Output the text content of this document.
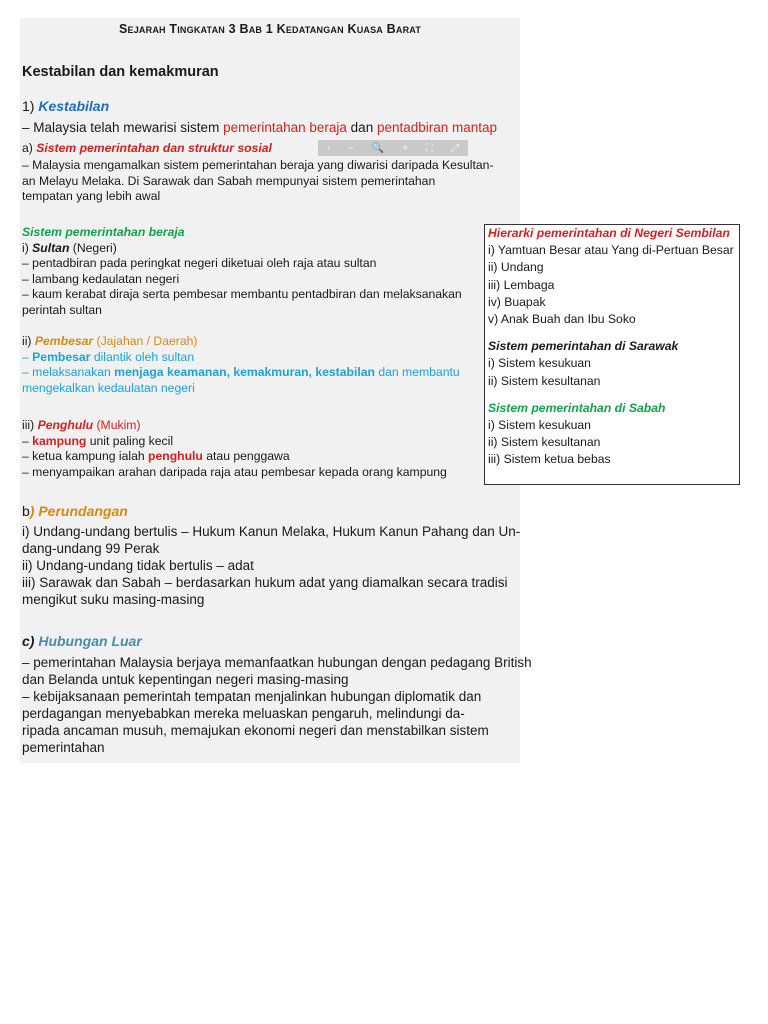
Sejarah Tingkatan 3 Bab 1 Kedatangan Kuasa Barat
Kestabilan dan kemakmuran
1) Kestabilan
– Malaysia telah mewarisi sistem pemerintahan beraja dan pentadbiran mantap
‹ – 🔍 + ⛶ ⤢
a) Sistem pemerintahan dan struktur sosial
– Malaysia mengamalkan sistem pemerintahan beraja yang diwarisi daripada Kesultan-
an Melayu Melaka. Di Sarawak dan Sabah mempunyai sistem pemerintahan
tempatan yang lebih awal
Sistem pemerintahan beraja
i) Sultan (Negeri)
– pentadbiran pada peringkat negeri diketuai oleh raja atau sultan
– lambang kedaulatan negeri
– kaum kerabat diraja serta pembesar membantu pentadbiran dan melaksanakan
perintah sultan
ii) Pembesar (Jajahan / Daerah)
– Pembesar dilantik oleh sultan
– melaksanakan menjaga keamanan, kemakmuran, kestabilan dan membantu
mengekalkan kedaulatan negeri
iii) Penghulu (Mukim)
– kampung unit paling kecil
– ketua kampung ialah penghulu atau penggawa
– menyampaikan arahan daripada raja atau pembesar kepada orang kampung
Hierarki pemerintahan di Negeri Sembilan
i) Yamtuan Besar atau Yang di-Pertuan Besar
ii) Undang
iii) Lembaga
iv) Buapak
v) Anak Buah dan Ibu Soko
Sistem pemerintahan di Sarawak
i) Sistem kesukuan
ii) Sistem kesultanan
Sistem pemerintahan di Sabah
i) Sistem kesukuan
ii) Sistem kesultanan
iii) Sistem ketua bebas
b) Perundangan
i) Undang-undang bertulis – Hukum Kanun Melaka, Hukum Kanun Pahang dan Un-
dang-undang 99 Perak
ii) Undang-undang tidak bertulis – adat
iii) Sarawak dan Sabah – berdasarkan hukum adat yang diamalkan secara tradisi
mengikut suku masing-masing
c) Hubungan Luar
– pemerintahan Malaysia berjaya memanfaatkan hubungan dengan pedagang British
dan Belanda untuk kepentingan negeri masing-masing
– kebijaksanaan pemerintah tempatan menjalinkan hubungan diplomatik dan
perdagangan menyebabkan mereka meluaskan pengaruh, melindungi da-
ripada ancaman musuh, memajukan ekonomi negeri dan menstabilkan sistem
pemerintahan
